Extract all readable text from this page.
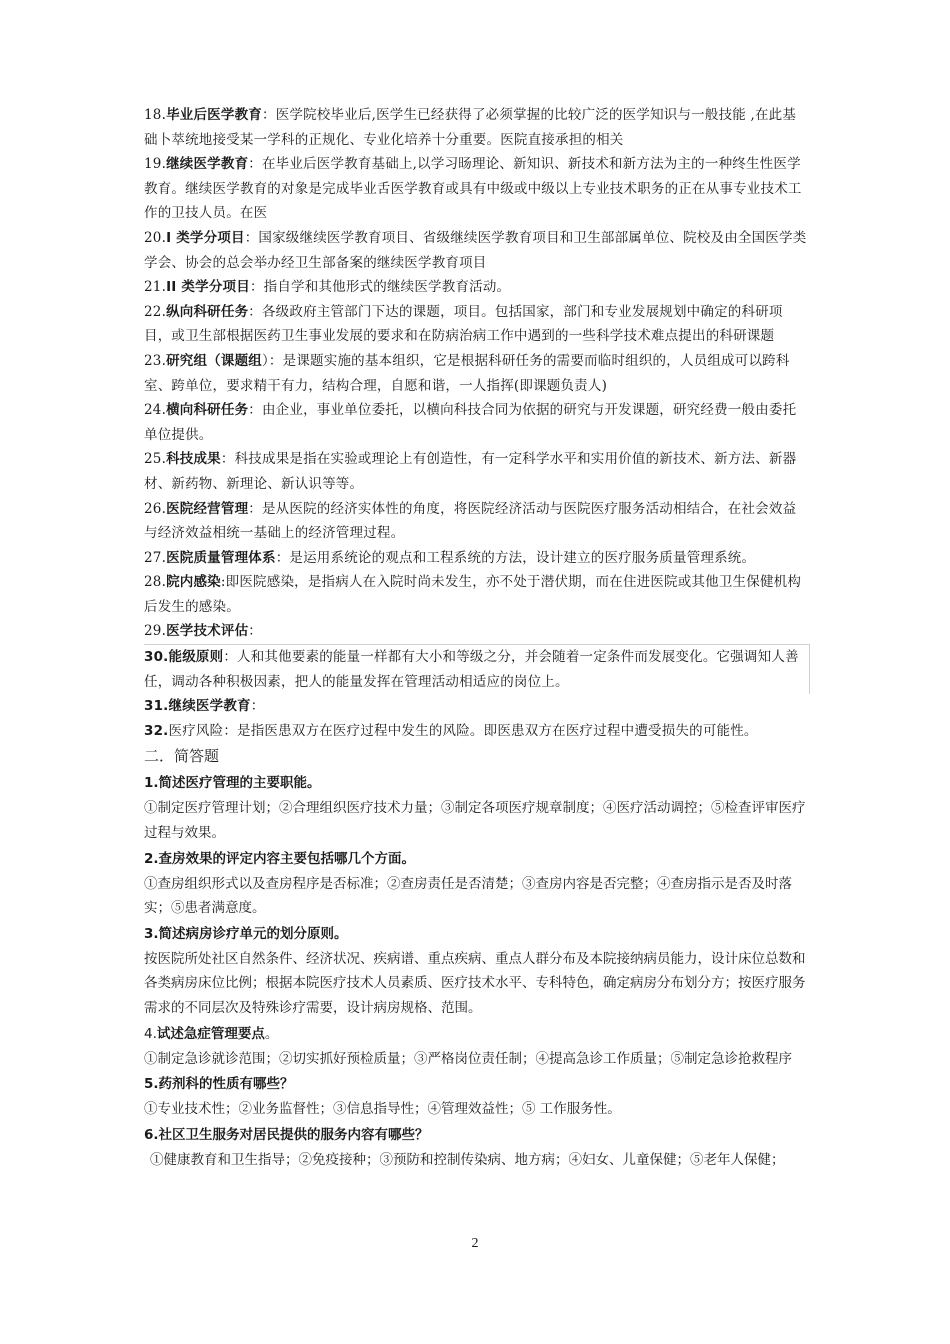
18.毕业后医学教育：医学院校毕业后,医学生已经获得了必须掌握的比较广泛的医学知识与一般技能 ,在此基础卜萃统地接受某一学科的正规化、专业化培养十分重要。医院直接承担的相关

19.继续医学教育：在毕业后医学教育基础上,以学习旸理论、新知识、新技术和新方法为主的一种终生性医学教育。继续医学教育的对象是完成毕业舌医学教育或具有中级或中级以上专业技术职务的正在从事专业技术工作的卫技人员。在医

20.I 类学分项目：国家级继续医学教育项目、省级继续医学教育项目和卫生部部属单位、院校及由全国医学类学会、协会的总会举办经卫生部备案的继续医学教育项目

21.II 类学分项目：指自学和其他形式的继续医学教育活动。

22.纵向科研任务：各级政府主管部门下达的课题，项目。包括国家，部门和专业发展规划中确定的科研项目，或卫生部根据医药卫生事业发展的要求和在防病治病工作中遇到的一些科学技术难点提出的科研课题

23.研究组（课题组）：是课题实施的基本组织，它是根据科研任务的需要而临时组织的，人员组成可以跨科室、跨单位，要求精干有力，结构合理，自愿和谐，一人指挥(即课题负责人)

24.横向科研任务：由企业，事业单位委托，以横向科技合同为依据的研究与开发课题，研究经费一般由委托单位提供。

25.科技成果：科技成果是指在实验或理论上有创造性，有一定科学水平和实用价值的新技术、新方法、新器材、新药物、新理论、新认识等等。

26.医院经营管理：是从医院的经济实体性的角度，将医院经济活动与医院医疗服务活动相结合，在社会效益与经济效益相统一基础上的经济管理过程。

27.医院质量管理体系：是运用系统论的观点和工程系统的方法，设计建立的医疗服务质量管理系统。

28.院内感染:即医院感染，是指病人在入院时尚未发生，亦不处于潜伏期，而在住进医院或其他卫生保健机构后发生的感染。

29.医学技术评估：

30.能级原则：人和其他要素的能量一样都有大小和等级之分，并会随着一定条件而发展变化。它强调知人善任，调动各种积极因素，把人的能量发挥在管理活动相适应的岗位上。

31.继续医学教育：

32.医疗风险：是指医患双方在医疗过程中发生的风险。即医患双方在医疗过程中遭受损失的可能性。

二．简答题

1.简述医疗管理的主要职能。

①制定医疗管理计划；②合理组织医疗技术力量；③制定各项医疗规章制度；④医疗活动调控；⑤检查评审医疗过程与效果。

2.查房效果的评定内容主要包括哪几个方面。

①查房组织形式以及查房程序是否标准；②查房责任是否清楚；③查房内容是否完整；④查房指示是否及时落实；⑤患者满意度。

3.简述病房诊疗单元的划分原则。

按医院所处社区自然条件、经济状况、疾病谱、重点疾病、重点人群分布及本院接纳病员能力，设计床位总数和各类病房床位比例；根据本院医疗技术人员素质、医疗技术水平、专科特色，确定病房分布划分方；按医疗服务需求的不同层次及特殊诊疗需要，设计病房规格、范围。

4.试述急症管理要点。

①制定急诊就诊范围；②切实抓好预检质量；③严格岗位责任制；④提高急诊工作质量；⑤制定急诊抢救程序

5.药剂科的性质有哪些？

①专业技术性；②业务监督性；③信息指导性；④管理效益性；⑤ 工作服务性。

6.社区卫生服务对居民提供的服务内容有哪些？

①健康教育和卫生指导；②免疫接种；③预防和控制传染病、地方病；④妇女、儿童保健；⑤老年人保健；

2
